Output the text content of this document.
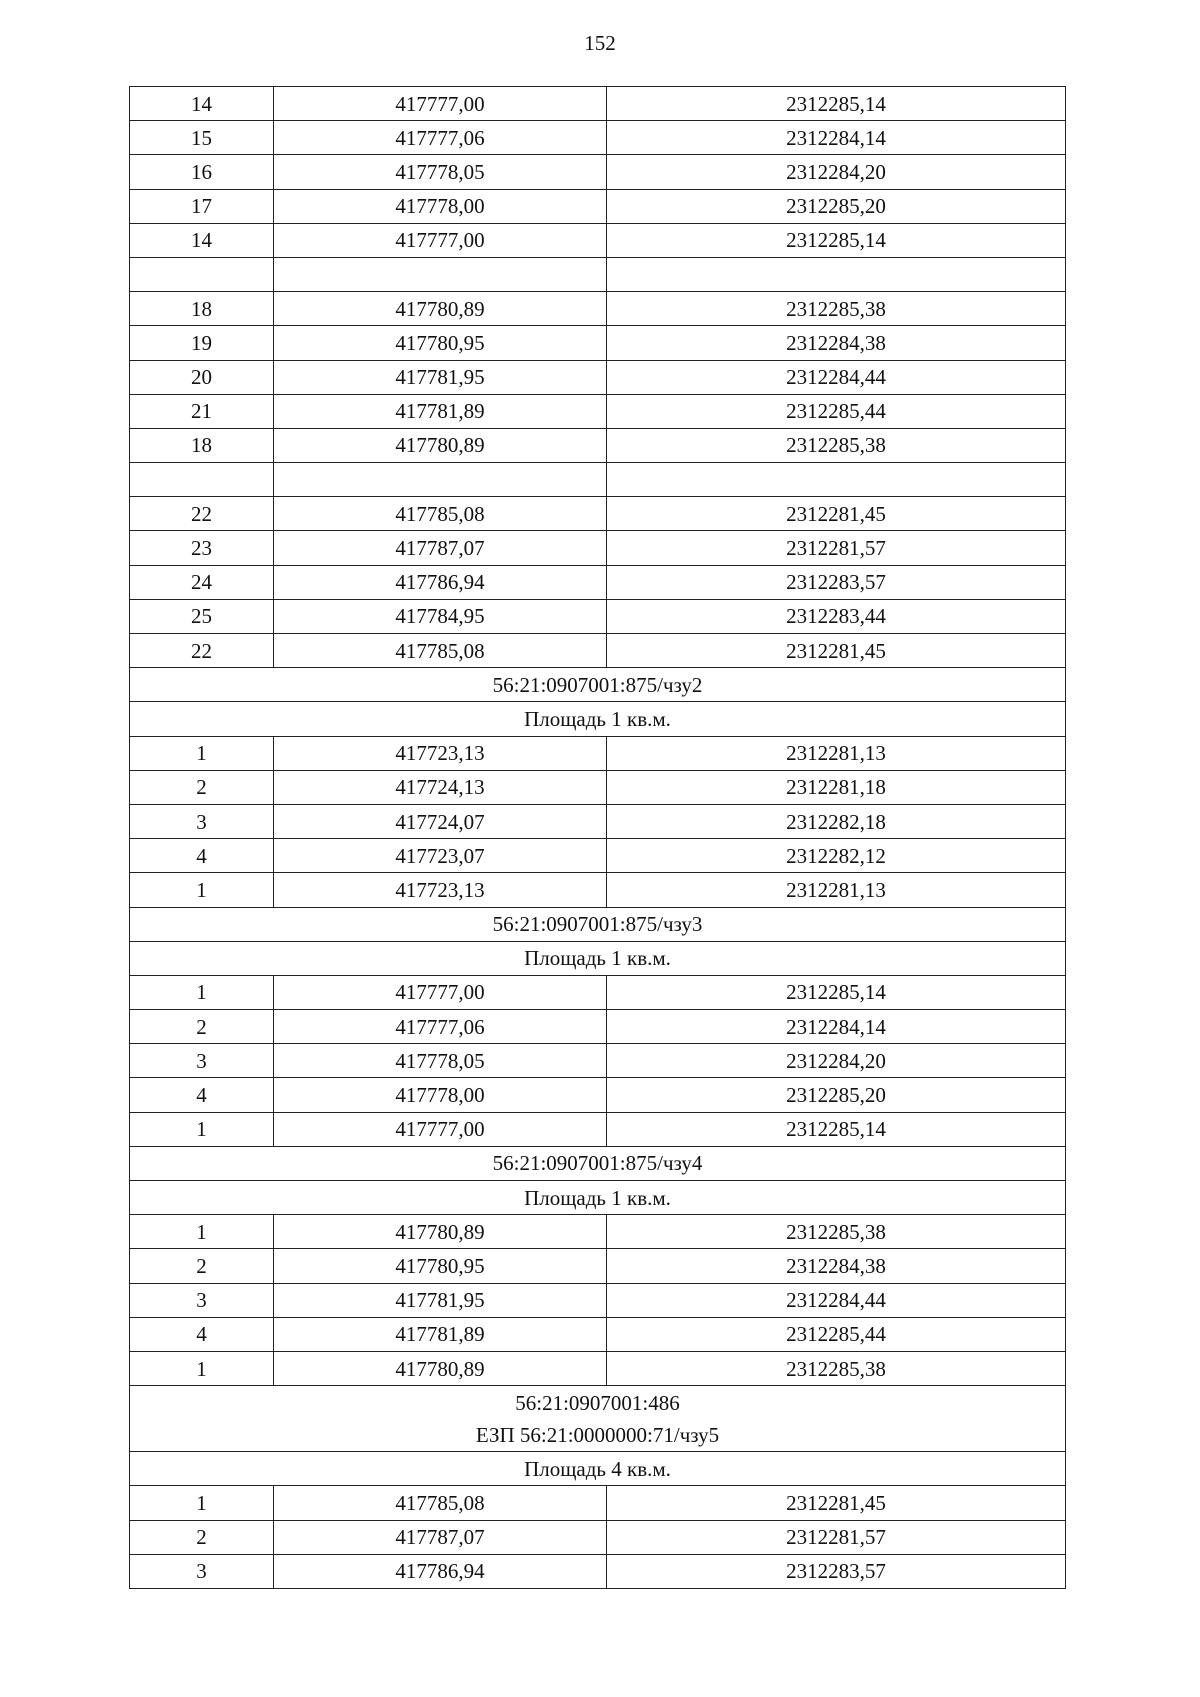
152
14	417777,00	2312285,14
15	417777,06	2312284,14
16	417778,05	2312284,20
17	417778,00	2312285,20
14	417777,00	2312285,14

18	417780,89	2312285,38
19	417780,95	2312284,38
20	417781,95	2312284,44
21	417781,89	2312285,44
18	417780,89	2312285,38

22	417785,08	2312281,45
23	417787,07	2312281,57
24	417786,94	2312283,57
25	417784,95	2312283,44
22	417785,08	2312281,45

56:21:0907001:875/чзу2		

Площадь 1 кв.м.		
1	417723,13	2312281,13
2	417724,13	2312281,18
3	417724,07	2312282,18
4	417723,07	2312282,12
1	417723,13	2312281,13

56:21:0907001:875/чзу3		

Площадь 1 кв.м.		
1	417777,00	2312285,14
2	417777,06	2312284,14
3	417778,05	2312284,20
4	417778,00	2312285,20
1	417777,00	2312285,14

56:21:0907001:875/чзу4		

Площадь 1 кв.м.		
1	417780,89	2312285,38
2	417780,95	2312284,38
3	417781,95	2312284,44
4	417781,89	2312285,44
1	417780,89	2312285,38

56:21:0907001:486
ЕЗП 56:21:0000000:71/чзу5		

Площадь 4 кв.м.		
1	417785,08	2312281,45
2	417787,07	2312281,57
3	417786,94	2312283,57
